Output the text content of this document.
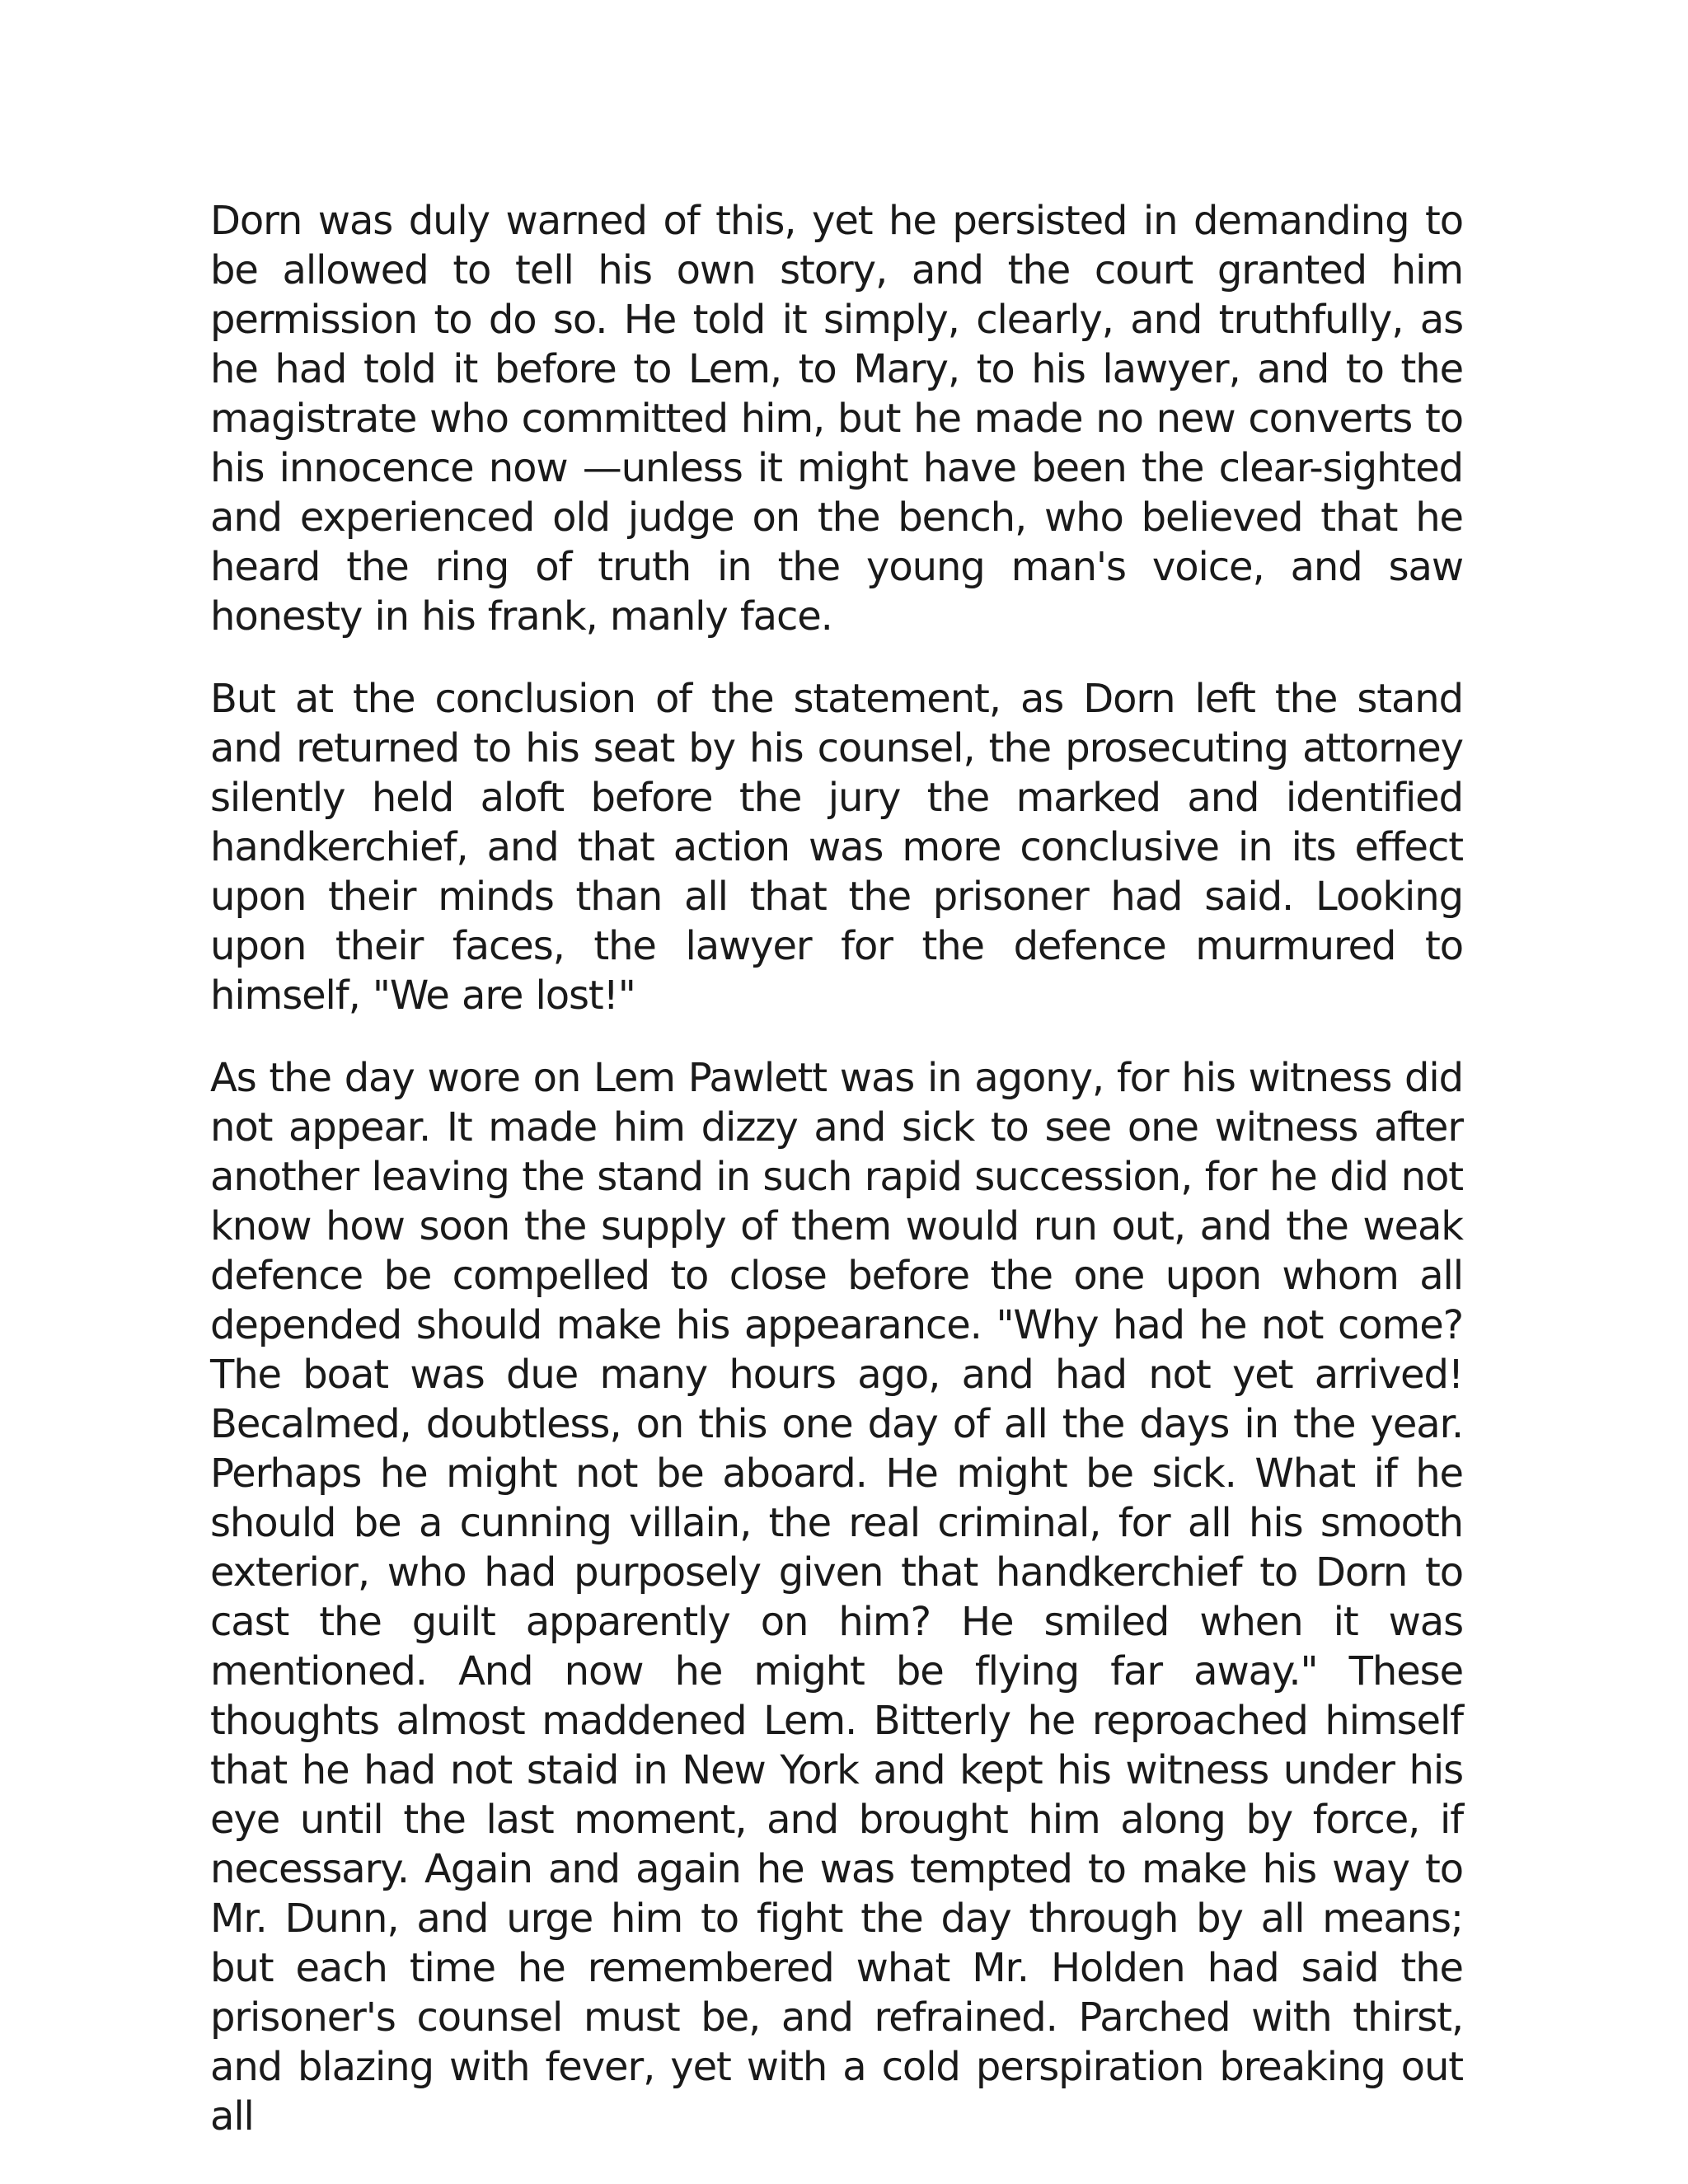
Dorn was duly warned of this, yet he persisted in demanding to be allowed to tell his own story, and the court granted him permission to do so. He told it simply, clearly, and truthfully, as he had told it before to Lem, to Mary, to his lawyer, and to the magistrate who committed him, but he made no new converts to his innocence now —unless it might have been the clear-sighted and experienced old judge on the bench, who believed that he heard the ring of truth in the young man's voice, and saw honesty in his frank, manly face.

But at the conclusion of the statement, as Dorn left the stand and returned to his seat by his counsel, the prosecuting attorney silently held aloft before the jury the marked and identified handkerchief, and that action was more conclusive in its effect upon their minds than all that the prisoner had said. Looking upon their faces, the lawyer for the defence murmured to himself, "We are lost!"

As the day wore on Lem Pawlett was in agony, for his witness did not appear. It made him dizzy and sick to see one witness after another leaving the stand in such rapid succession, for he did not know how soon the supply of them would run out, and the weak defence be compelled to close before the one upon whom all depended should make his appearance. "Why had he not come? The boat was due many hours ago, and had not yet arrived! Becalmed, doubtless, on this one day of all the days in the year. Perhaps he might not be aboard. He might be sick. What if he should be a cunning villain, the real criminal, for all his smooth exterior, who had purposely given that handkerchief to Dorn to cast the guilt apparently on him? He smiled when it was mentioned. And now he might be flying far away." These thoughts almost maddened Lem. Bitterly he reproached himself that he had not staid in New York and kept his witness under his eye until the last moment, and brought him along by force, if necessary. Again and again he was tempted to make his way to Mr. Dunn, and urge him to fight the day through by all means; but each time he remembered what Mr. Holden had said the prisoner's counsel must be, and refrained. Parched with thirst, and blazing with fever, yet with a cold perspiration breaking out all
